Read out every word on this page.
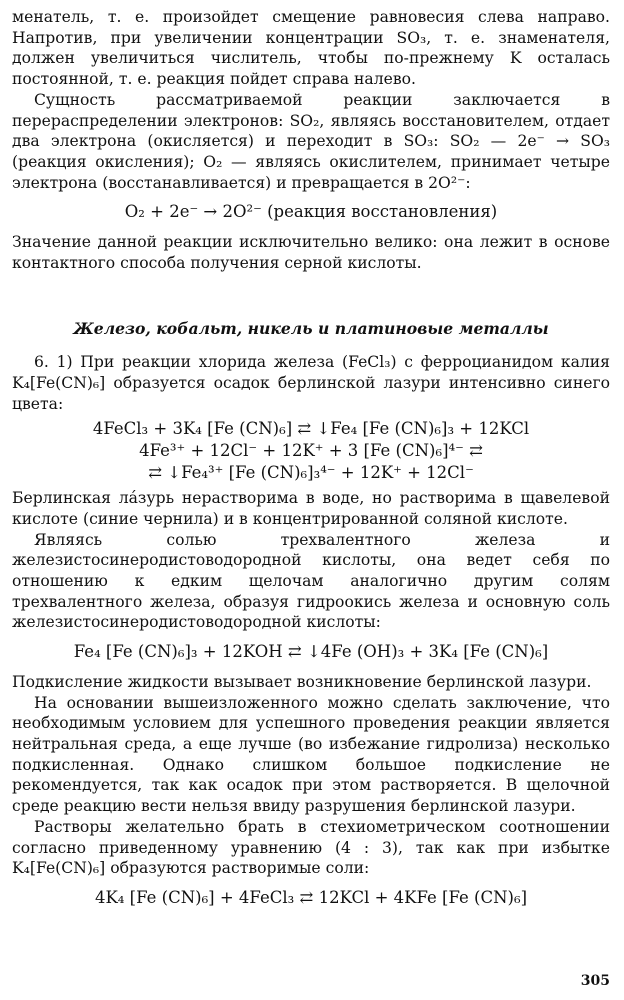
менатель, т. е. произойдет смещение равновесия слева направо. Напротив, при увеличении концентрации SO₃, т. е. знаменателя, должен увеличиться числитель, чтобы по-прежнему K осталась постоянной, т. е. реакция пойдет справа налево.

Сущность рассматриваемой реакции заключается в перераспределении электронов: SO₂, являясь восстановителем, отдает два электрона (окисляется) и переходит в SO₃: SO₂ — 2e⁻ → SO₃ (реакция окисления); O₂ — являясь окислителем, принимает четыре электрона (восстанавливается) и превращается в 2O²⁻:

O₂ + 2e⁻ → 2O²⁻ (реакция восстановления)

Значение данной реакции исключительно велико: она лежит в основе контактного способа получения серной кислоты.

Железо, кобальт, никель и платиновые металлы

6. 1) При реакции хлорида железа (FeCl₃) с ферроцианидом калия K₄[Fe(CN)₆] образуется осадок берлинской лазури интенсивно синего цвета:

4FeCl₃ + 3K₄ [Fe (CN)₆] ⇄ ↓Fe₄ [Fe (CN)₆]₃ + 12KCl

4Fe³⁺ + 12Cl⁻ + 12K⁺ + 3 [Fe (CN)₆]⁴⁻ ⇄

⇄ ↓Fe₄³⁺ [Fe (CN)₆]₃⁴⁻ + 12K⁺ + 12Cl⁻

Берлинская ла́зурь нерастворима в воде, но растворима в щавелевой кислоте (синие чернила) и в концентрированной соляной кислоте.

Являясь солью трехвалентного железа и железистосинеродистоводородной кислоты, она ведет себя по отношению к едким щелочам аналогично другим солям трехвалентного железа, образуя гидроокись железа и основную соль железистосинеродистоводородной кислоты:

Fe₄ [Fe (CN)₆]₃ + 12KOH ⇄ ↓4Fe (OH)₃ + 3K₄ [Fe (CN)₆]

Подкисление жидкости вызывает возникновение берлинской лазури.

На основании вышеизложенного можно сделать заключение, что необходимым условием для успешного проведения реакции является нейтральная среда, а еще лучше (во избежание гидролиза) несколько подкисленная. Однако слишком большое подкисление не рекомендуется, так как осадок при этом растворяется. В щелочной среде реакцию вести нельзя ввиду разрушения берлинской лазури.

Растворы желательно брать в стехиометрическом соотношении согласно приведенному уравнению (4 : 3), так как при избытке K₄[Fe(CN)₆] образуются растворимые соли:

4K₄ [Fe (CN)₆] + 4FeCl₃ ⇄ 12KCl + 4KFe [Fe (CN)₆]

305
